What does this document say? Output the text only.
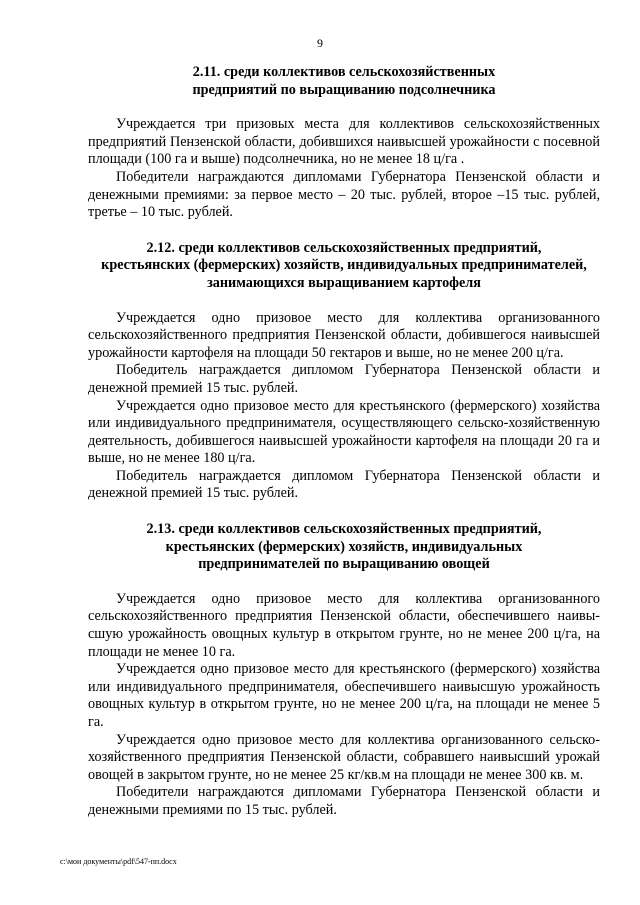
9
2.11. среди коллективов сельскохозяйственных
предприятий по выращиванию подсолнечника

Учреждается три призовых места для коллективов сельскохозяйственных предприятий Пензенской области, добившихся наивысшей урожайности с посевной площади (100 га и выше) подсолнечника, но не менее 18 ц/га .

Победители награждаются дипломами Губернатора Пензенской области и денежными премиями: за первое место – 20 тыс. рублей, второе –15 тыс. рублей, третье – 10 тыс. рублей.

2.12. среди коллективов сельскохозяйственных предприятий,
крестьянских (фермерских) хозяйств, индивидуальных предпринимателей,
занимающихся выращиванием картофеля

Учреждается одно призовое место для коллектива организованного сельскохозяйственного предприятия Пензенской области, добившегося наивысшей урожайности картофеля на площади 50 гектаров и выше, но не менее 200 ц/га.

Победитель награждается дипломом Губернатора Пензенской области и денежной премией 15 тыс. рублей.

Учреждается одно призовое место для крестьянского (фермерского) хозяйства или индивидуального предпринимателя, осуществляющего сельско-хозяйственную деятельность, добившегося наивысшей урожайности картофеля на площади 20 га и выше, но не менее 180 ц/га.

Победитель награждается дипломом Губернатора Пензенской области и денежной премией 15 тыс. рублей.

2.13. среди коллективов сельскохозяйственных предприятий,
крестьянских (фермерских) хозяйств, индивидуальных
предпринимателей по выращиванию овощей

Учреждается одно призовое место для коллектива организованного сельскохозяйственного предприятия Пензенской области, обеспечившего наивы-сшую урожайность овощных культур в открытом грунте, но не менее 200 ц/га, на площади не менее 10 га.

Учреждается одно призовое место для крестьянского (фермерского) хозяйства или индивидуального предпринимателя, обеспечившего наивысшую урожайность овощных культур в открытом грунте, но не менее 200 ц/га, на площади не менее 5 га.

Учреждается одно призовое место для коллектива организованного сельско-хозяйственного предприятия Пензенской области, собравшего наивысший урожай овощей в закрытом грунте, но не менее 25 кг/кв.м на площади не менее 300 кв. м.

Победители награждаются дипломами Губернатора Пензенской области и денежными премиями по 15 тыс. рублей.

c:\мои документы\pdf\547-пп.docx
